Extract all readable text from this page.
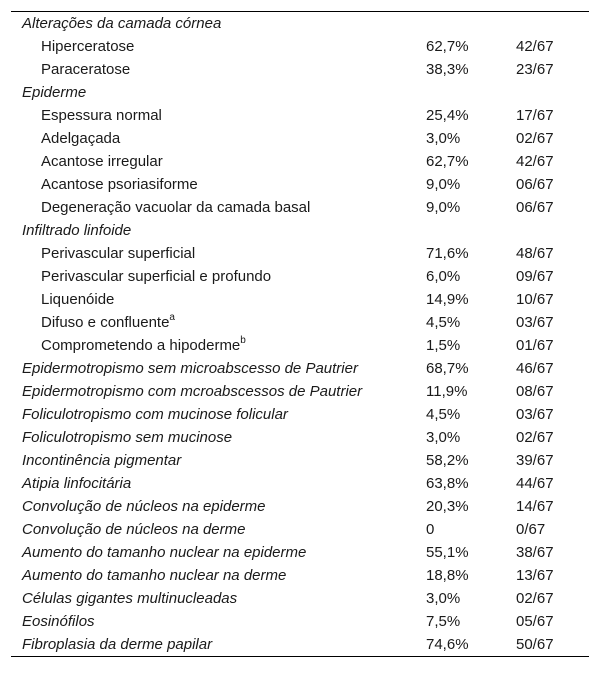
Alterações da camada córnea
Hiperceratose	62,7%	42/67
Paraceratose	38,3%	23/67
Epiderme
Espessura normal	25,4%	17/67
Adelgaçada	3,0%	02/67
Acantose irregular	62,7%	42/67
Acantose psoriasiforme	9,0%	06/67
Degeneração vacuolar da camada basal	9,0%	06/67
Infiltrado linfoide
Perivascular superficial	71,6%	48/67
Perivascular superficial e profundo	6,0%	09/67
Liquenóide	14,9%	10/67
Difuso e confluente$^a$	4,5%	03/67
Comprometendo a hipoderme$^b$	1,5%	01/67
Epidermotropismo sem microabscesso de Pautrier	68,7%	46/67
Epidermotropismo com mcroabscessos de Pautrier	11,9%	08/67
Foliculotropismo com mucinose folicular	4,5%	03/67
Foliculotropismo sem mucinose	3,0%	02/67
Incontinência pigmentar	58,2%	39/67
Atipia linfocitária	63,8%	44/67
Convolução de núcleos na epiderme	20,3%	14/67
Convolução de núcleos na derme	0	0/67
Aumento do tamanho nuclear na epiderme	55,1%	38/67
Aumento do tamanho nuclear na derme	18,8%	13/67
Células gigantes multinucleadas	3,0%	02/67
Eosinófilos	7,5%	05/67
Fibroplasia da derme papilar	74,6%	50/67
